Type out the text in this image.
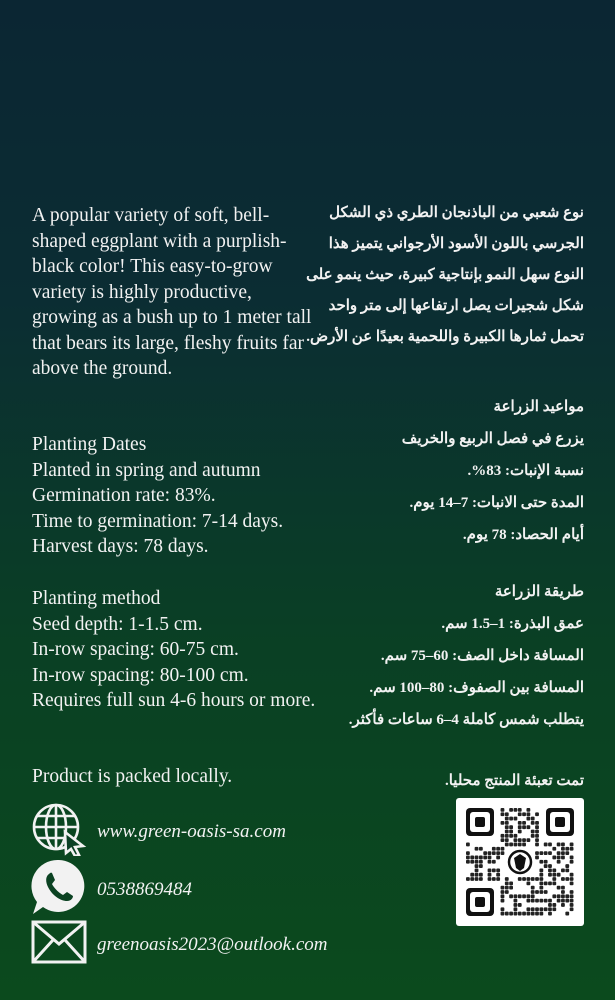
A popular variety of soft, bell-shaped eggplant with a purplish-black color! This easy-to-grow variety is highly productive, growing as a bush up to 1 meter tall that bears its large, fleshy fruits far above the ground.
Planting Dates
Planted in spring and autumn
Germination rate: 83%.
Time to germination: 7-14 days.
Harvest days: 78 days.
Planting method
Seed depth: 1-1.5 cm.
In-row spacing: 60-75 cm.
In-row spacing: 80-100 cm.
Requires full sun 4-6 hours or more.
Product is packed locally.
نوع شعبي من الباذنجان الطري ذي الشكل الجرسي باللون الأسود الأرجواني يتميز هذا النوع سهل النمو بإنتاجية كبيرة، حيث ينمو على شكل شجيرات يصل ارتفاعها إلى متر واحد تحمل ثمارها الكبيرة واللحمية بعيدًا عن الأرض.
مواعيد الزراعة
يزرع في فصل الربيع والخريف
نسبة الإنبات: 83%.
المدة حتى الانبات: 7–14 يوم.
أيام الحصاد: 78 يوم.
طريقة الزراعة
عمق البذرة: 1–1.5 سم.
المسافة داخل الصف: 60–75 سم.
المسافة بين الصفوف: 80–100 سم.
يتطلب شمس كاملة 4–6 ساعات فأكثر.
تمت تعبئة المنتج محليا.
www.green-oasis-sa.com
0538869484
greenoasis2023@outlook.com
